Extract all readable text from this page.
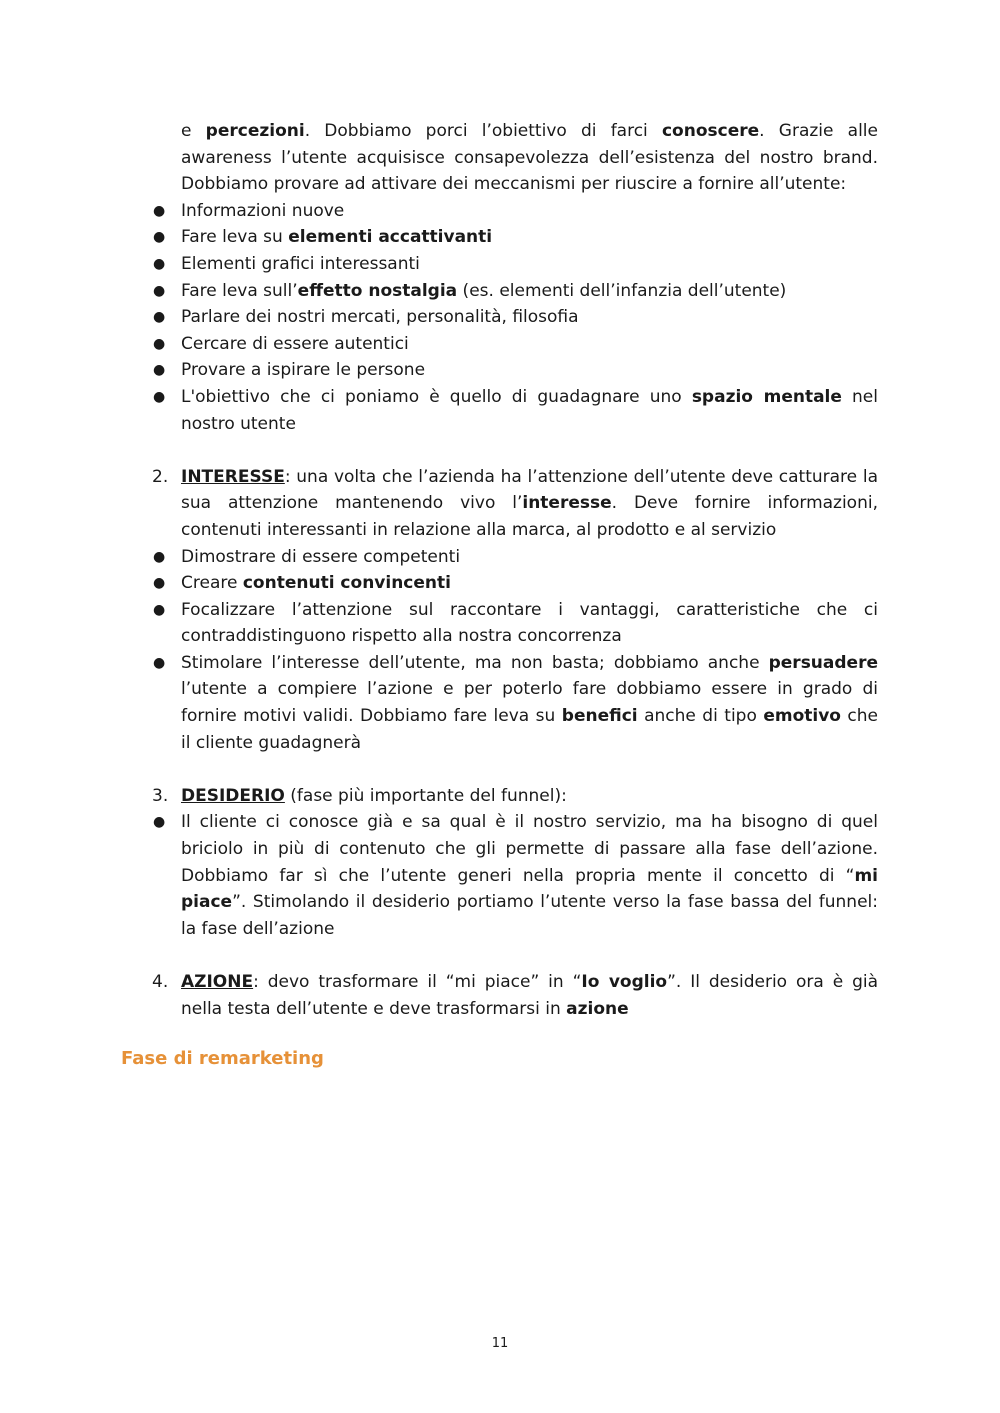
e percezioni. Dobbiamo porci l’obiettivo di farci conoscere. Grazie alle awareness l’utente acquisisce consapevolezza dell’esistenza del nostro brand. Dobbiamo provare ad attivare dei meccanismi per riuscire a fornire all’utente:
● Informazioni nuove
● Fare leva su elementi accattivanti
● Elementi grafici interessanti
● Fare leva sull’effetto nostalgia (es. elementi dell’infanzia dell’utente)
● Parlare dei nostri mercati, personalità, filosofia
● Cercare di essere autentici
● Provare a ispirare le persone
● L'obiettivo che ci poniamo è quello di guadagnare uno spazio mentale nel nostro utente
2. INTERESSE: una volta che l’azienda ha l’attenzione dell’utente deve catturare la sua attenzione mantenendo vivo l’interesse. Deve fornire informazioni, contenuti interessanti in relazione alla marca, al prodotto e al servizio
● Dimostrare di essere competenti
● Creare contenuti convincenti
● Focalizzare l’attenzione sul raccontare i vantaggi, caratteristiche che ci contraddistinguono rispetto alla nostra concorrenza
● Stimolare l’interesse dell’utente, ma non basta; dobbiamo anche persuadere l’utente a compiere l’azione e per poterlo fare dobbiamo essere in grado di fornire motivi validi. Dobbiamo fare leva su benefici anche di tipo emotivo che il cliente guadagnerà
3. DESIDERIO (fase più importante del funnel):
● Il cliente ci conosce già e sa qual è il nostro servizio, ma ha bisogno di quel briciolo in più di contenuto che gli permette di passare alla fase dell’azione. Dobbiamo far sì che l’utente generi nella propria mente il concetto di “mi piace”. Stimolando il desiderio portiamo l’utente verso la fase bassa del funnel: la fase dell’azione
4. AZIONE: devo trasformare il “mi piace” in “Io voglio”. Il desiderio ora è già nella testa dell’utente e deve trasformarsi in azione
Fase di remarketing
11
